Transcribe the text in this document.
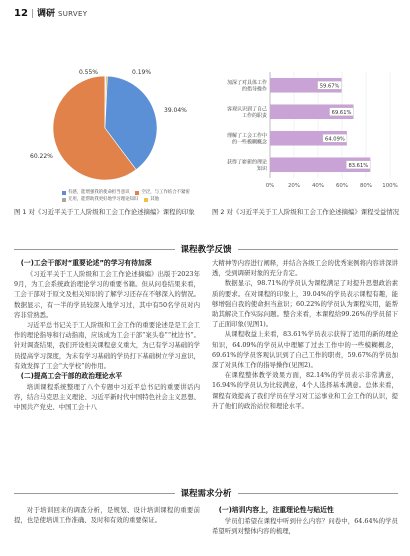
12 | 调研 SURVEY
60.22%
0.19%
0.55%
39.04%
有感，能增强我的使命担当意识	空泛，与工作结合不紧密
无用，能帮助我更好地学习理论知识	其他
图 1 对《习近平关于工人阶级和工会工作论述摘编》课程的印象
0%	20% 40% 60% 80% 100%
59.67%
加深了对具体工作的指导操作
69.61%
客观认识到了自己工作的职责
64.09%
理解了工会工作中的一些模糊概念
83.61%
获得了崭新的理论知识
图 2 对《习近平关于工人阶级和工会工作论述摘编》课程受益情况
课程教学反馈
(一)工会干部对“重要论述”的学习有待加深

《习近平关于工人阶级和工会工作论述摘编》出版于2023年9月，为工会系统政治理论学习的重要书籍。但从问卷结果来看，工会干部对于原文及相关知识的了解学习还存在不够深入的情况。数据显示，有一半的学员较深入地学习过，其中有50名学员对内容非常熟悉。

习近平总书记关于工人阶级和工会工作的重要论述是是工会工作的理论指导和行动指南，应该成为工会干部“案头卷”“枕边书”。针对调查结果，我们开设相关课程意义重大，为已有学习基础的学员提高学习深度，为未有学习基础的学员打下基础树立学习意识，有效发挥了工会“大学校”的作用。

(二)提高工会干部的政治理论水平

培训课程系统整理了八个专题中习近平总书记的重要讲话内容，结合马克思主义理论、习近平新时代中国特色社会主义思想、中国共产党史、中国工会十八

大精神等内容进行阐释，并结合各级工会的优秀案例将内容讲深讲透，受到调研对象的充分肯定。

数据显示，98.71%的学员认为课程满足了对提升思想政治素质的要求。在对课程的印象上，39.04%的学员表示课程有趣，能够增强自我的使命担当意识；60.22%的学员认为课程实用，能帮助其解决工作实际问题。整合来看，本课程给99.26%的学员留下了正面印象(见图1)。

从课程收益上来看，83.61%学员表示获得了适用的新的理论知识，64.09%的学员从中理解了过去工作中的一些模糊概念，69.61%的学员客观认识到了自己工作的职责，59.67%的学员加深了对具体工作的指导操作(见图2)。

在课程整体教学效果方面，82.14%的学员表示非常满意，16.94%的学员认为比较满意，4个人选择基本满意。总体来看，课程有效提高了我们学员在学习对工运事业和工会工作的认识，提升了他们的政治站位和理论水平。

课程需求分析

对于培训回来的调查分析，是规划、设计培训课程的重要前提，也是使培训工作准确、及时和有效的重要保证。

(一)培训内容上，注重理论性与贴近性

学员们希望在课程中听到什么内容？问卷中，64.64%的学员希望听到对整体内容的梳理，
